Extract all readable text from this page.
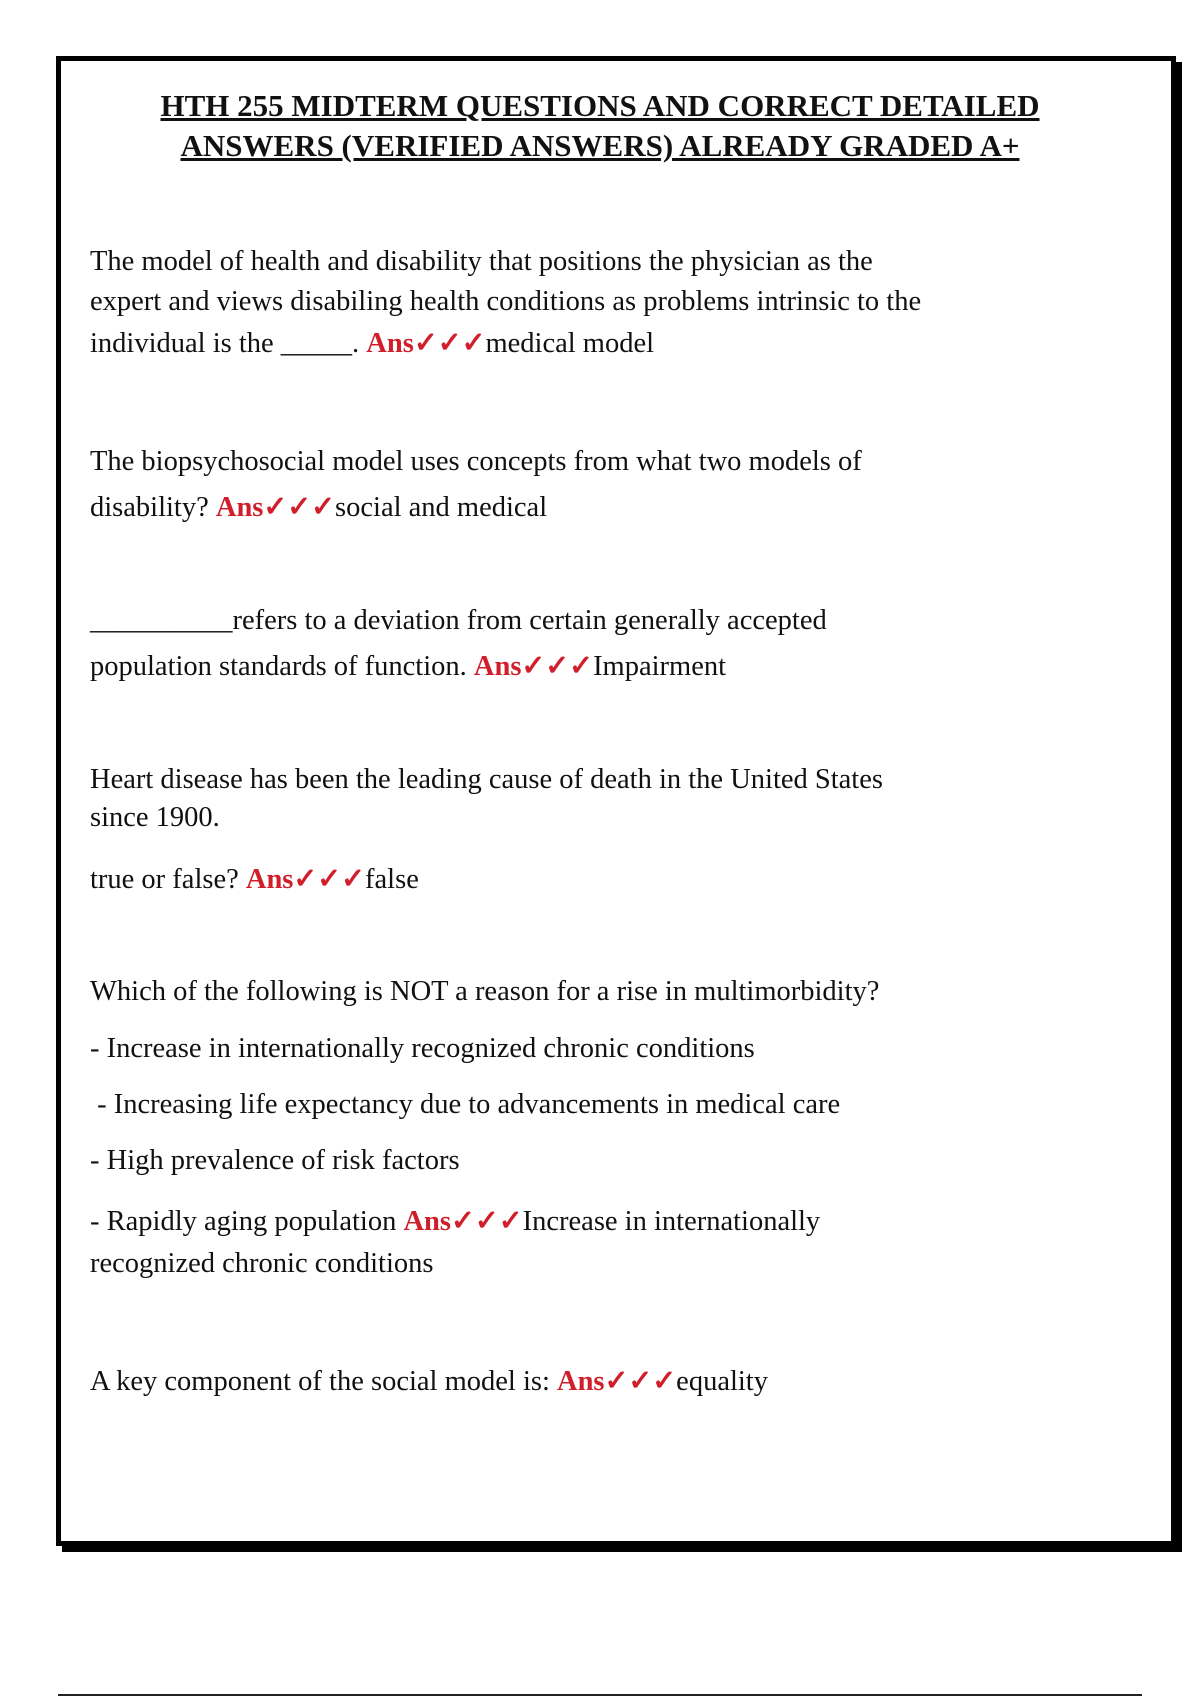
HTH 255 MIDTERM QUESTIONS AND CORRECT DETAILED
ANSWERS (VERIFIED ANSWERS) ALREADY GRADED A+
The model of health and disability that positions the physician as the
expert and views disabiling health conditions as problems intrinsic to the
individual is the _____. Ans✓✓✓medical model
The biopsychosocial model uses concepts from what two models of
disability? Ans✓✓✓social and medical
__________refers to a deviation from certain generally accepted
population standards of function. Ans✓✓✓Impairment
Heart disease has been the leading cause of death in the United States
since 1900.
true or false? Ans✓✓✓false
Which of the following is NOT a reason for a rise in multimorbidity?
- Increase in internationally recognized chronic conditions
- Increasing life expectancy due to advancements in medical care
- High prevalence of risk factors
- Rapidly aging population Ans✓✓✓Increase in internationally
recognized chronic conditions
A key component of the social model is: Ans✓✓✓equality
